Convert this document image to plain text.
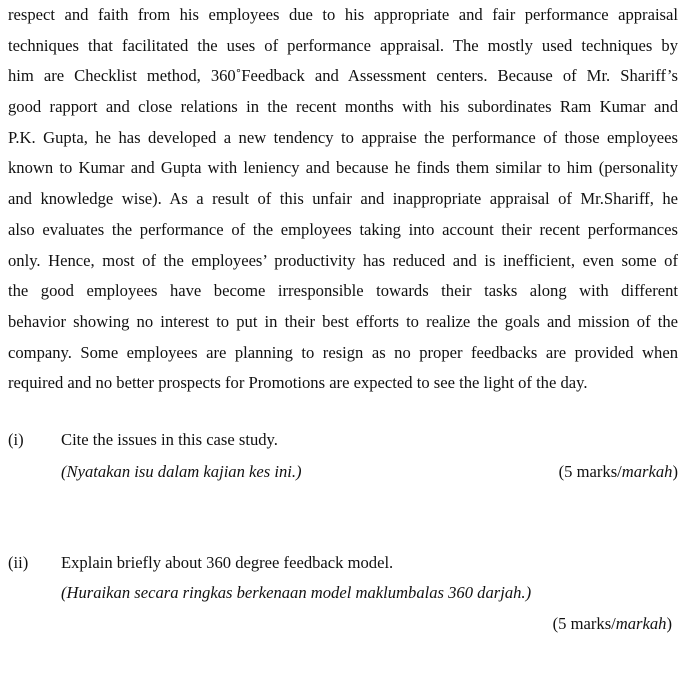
respect and faith from his employees due to his appropriate and fair performance appraisal
techniques that facilitated the uses of performance appraisal. The mostly used techniques by
him are Checklist method, 360˚Feedback and Assessment centers. Because of Mr. Shariff’s
good rapport and close relations in the recent months with his subordinates Ram Kumar and
P.K. Gupta, he has developed a new tendency to appraise the performance of those employees
known to Kumar and Gupta with leniency and because he finds them similar to him (personality
and knowledge wise). As a result of this unfair and inappropriate appraisal of Mr.Shariff, he
also evaluates the performance of the employees taking into account their recent performances
only. Hence, most of the employees’ productivity has reduced and is inefficient, even some of
the good employees have become irresponsible towards their tasks along with different
behavior showing no interest to put in their best efforts to realize the goals and mission of the
company. Some employees are planning to resign as no proper feedbacks are provided when
required and no better prospects for Promotions are expected to see the light of the day.
(i) Cite the issues in this case study.
(Nyatakan isu dalam kajian kes ini.)	(5 marks/markah)
(ii) Explain briefly about 360 degree feedback model.
(Huraikan secara ringkas berkenaan model maklumbalas 360 darjah.)
(5 marks/markah)
